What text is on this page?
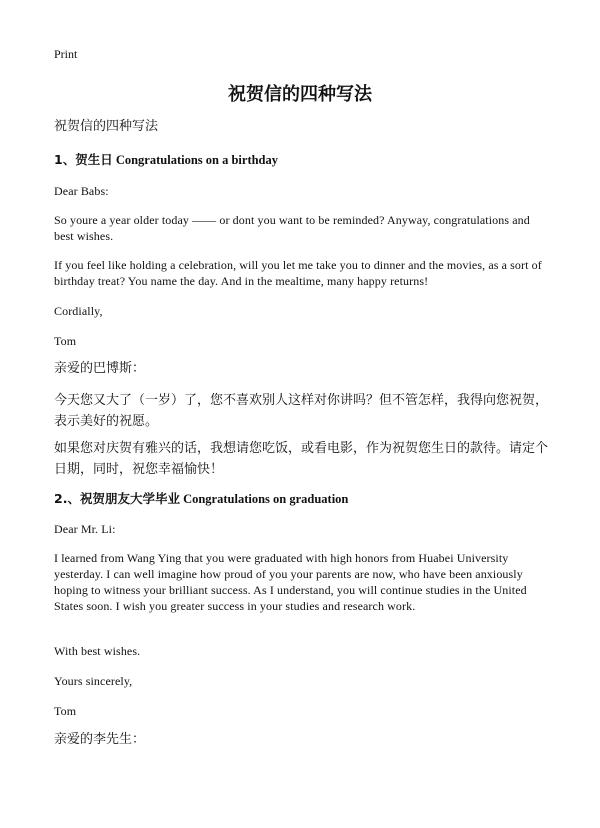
Print
祝贺信的四种写法

祝贺信的四种写法

1、贺生日 Congratulations on a birthday

Dear Babs:

So youre a year older today —— or dont you want to be reminded? Anyway, congratulations and best wishes.

If you feel like holding a celebration, will you let me take you to dinner and the movies, as a sort of birthday treat? You name the day. And in the mealtime, many happy returns!

Cordially,

Tom

亲爱的巴博斯：

今天您又大了（一岁）了，您不喜欢别人这样对你讲吗？但不管怎样，我得向您祝贺，表示美好的祝愿。

如果您对庆贺有雅兴的话，我想请您吃饭，或看电影，作为祝贺您生日的款待。请定个日期，同时，祝您幸福愉快！

2.、祝贺朋友大学毕业 Congratulations on graduation

Dear Mr. Li:

I learned from Wang Ying that you were graduated with high honors from Huabei University yesterday. I can well imagine how proud of you your parents are now, who have been anxiously hoping to witness your brilliant success. As I understand, you will continue studies in the United States soon. I wish you greater success in your studies and research work.

With best wishes.

Yours sincerely,

Tom

亲爱的李先生：
